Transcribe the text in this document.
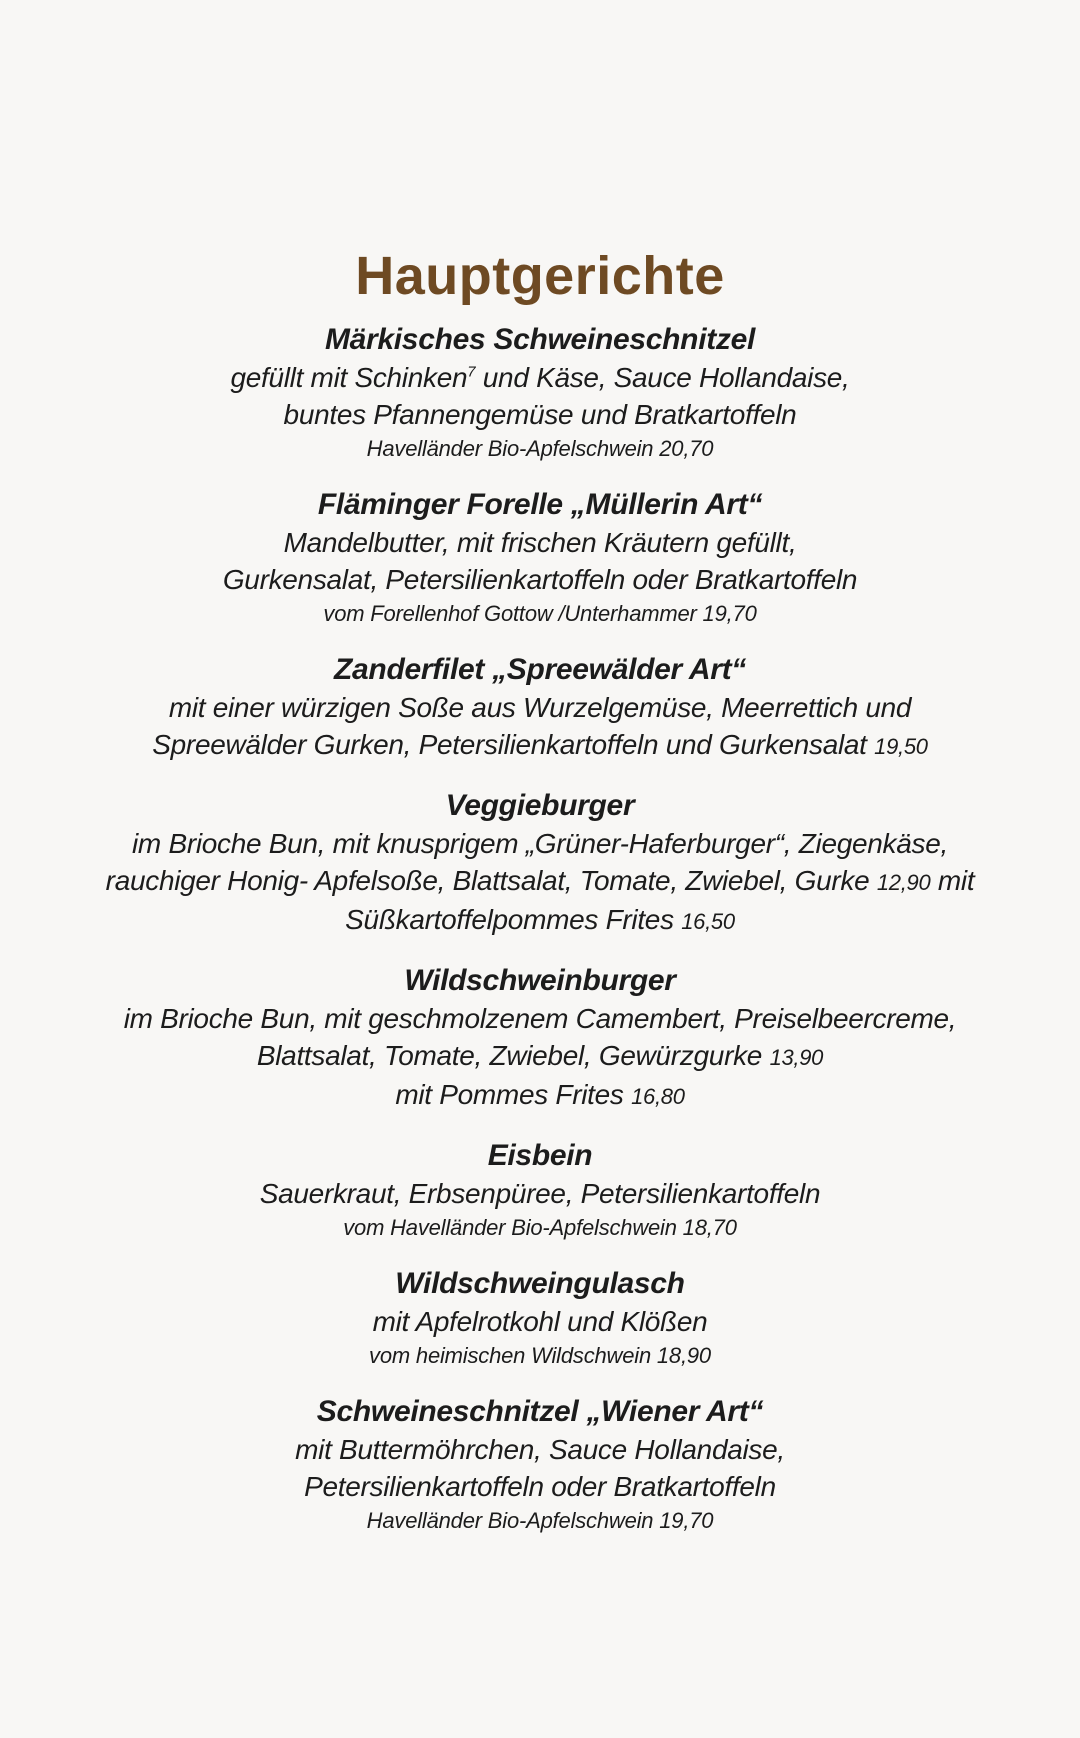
Hauptgerichte
Märkisches Schweineschnitzel
gefüllt mit Schinken$^7$ und Käse, Sauce Hollandaise,
buntes Pfannengemüse und Bratkartoffeln
Havelländer Bio-Apfelschwein 20,70
Fläminger Forelle „Müllerin Art“
Mandelbutter, mit frischen Kräutern gefüllt,
Gurkensalat, Petersilienkartoffeln oder Bratkartoffeln
vom Forellenhof Gottow /Unterhammer 19,70
Zanderfilet „Spreewälder Art“
mit einer würzigen Soße aus Wurzelgemüse, Meerrettich und
Spreewälder Gurken, Petersilienkartoffeln und Gurkensalat 19,50
Veggieburger
im Brioche Bun, mit knusprigem „Grüner-Haferburger“, Ziegenkäse,
rauchiger Honig- Apfelsoße, Blattsalat, Tomate, Zwiebel, Gurke 12,90 mit
Süßkartoffelpommes Frites 16,50
Wildschweinburger
im Brioche Bun, mit geschmolzenem Camembert, Preiselbeercreme,
Blattsalat, Tomate, Zwiebel, Gewürzgurke 13,90
mit Pommes Frites 16,80
Eisbein
Sauerkraut, Erbsenpüree, Petersilienkartoffeln
vom Havelländer Bio-Apfelschwein 18,70
Wildschweingulasch
mit Apfelrotkohl und Klößen
vom heimischen Wildschwein 18,90
Schweineschnitzel „Wiener Art“
mit Buttermöhrchen, Sauce Hollandaise,
Petersilienkartoffeln oder Bratkartoffeln
Havelländer Bio-Apfelschwein 19,70
